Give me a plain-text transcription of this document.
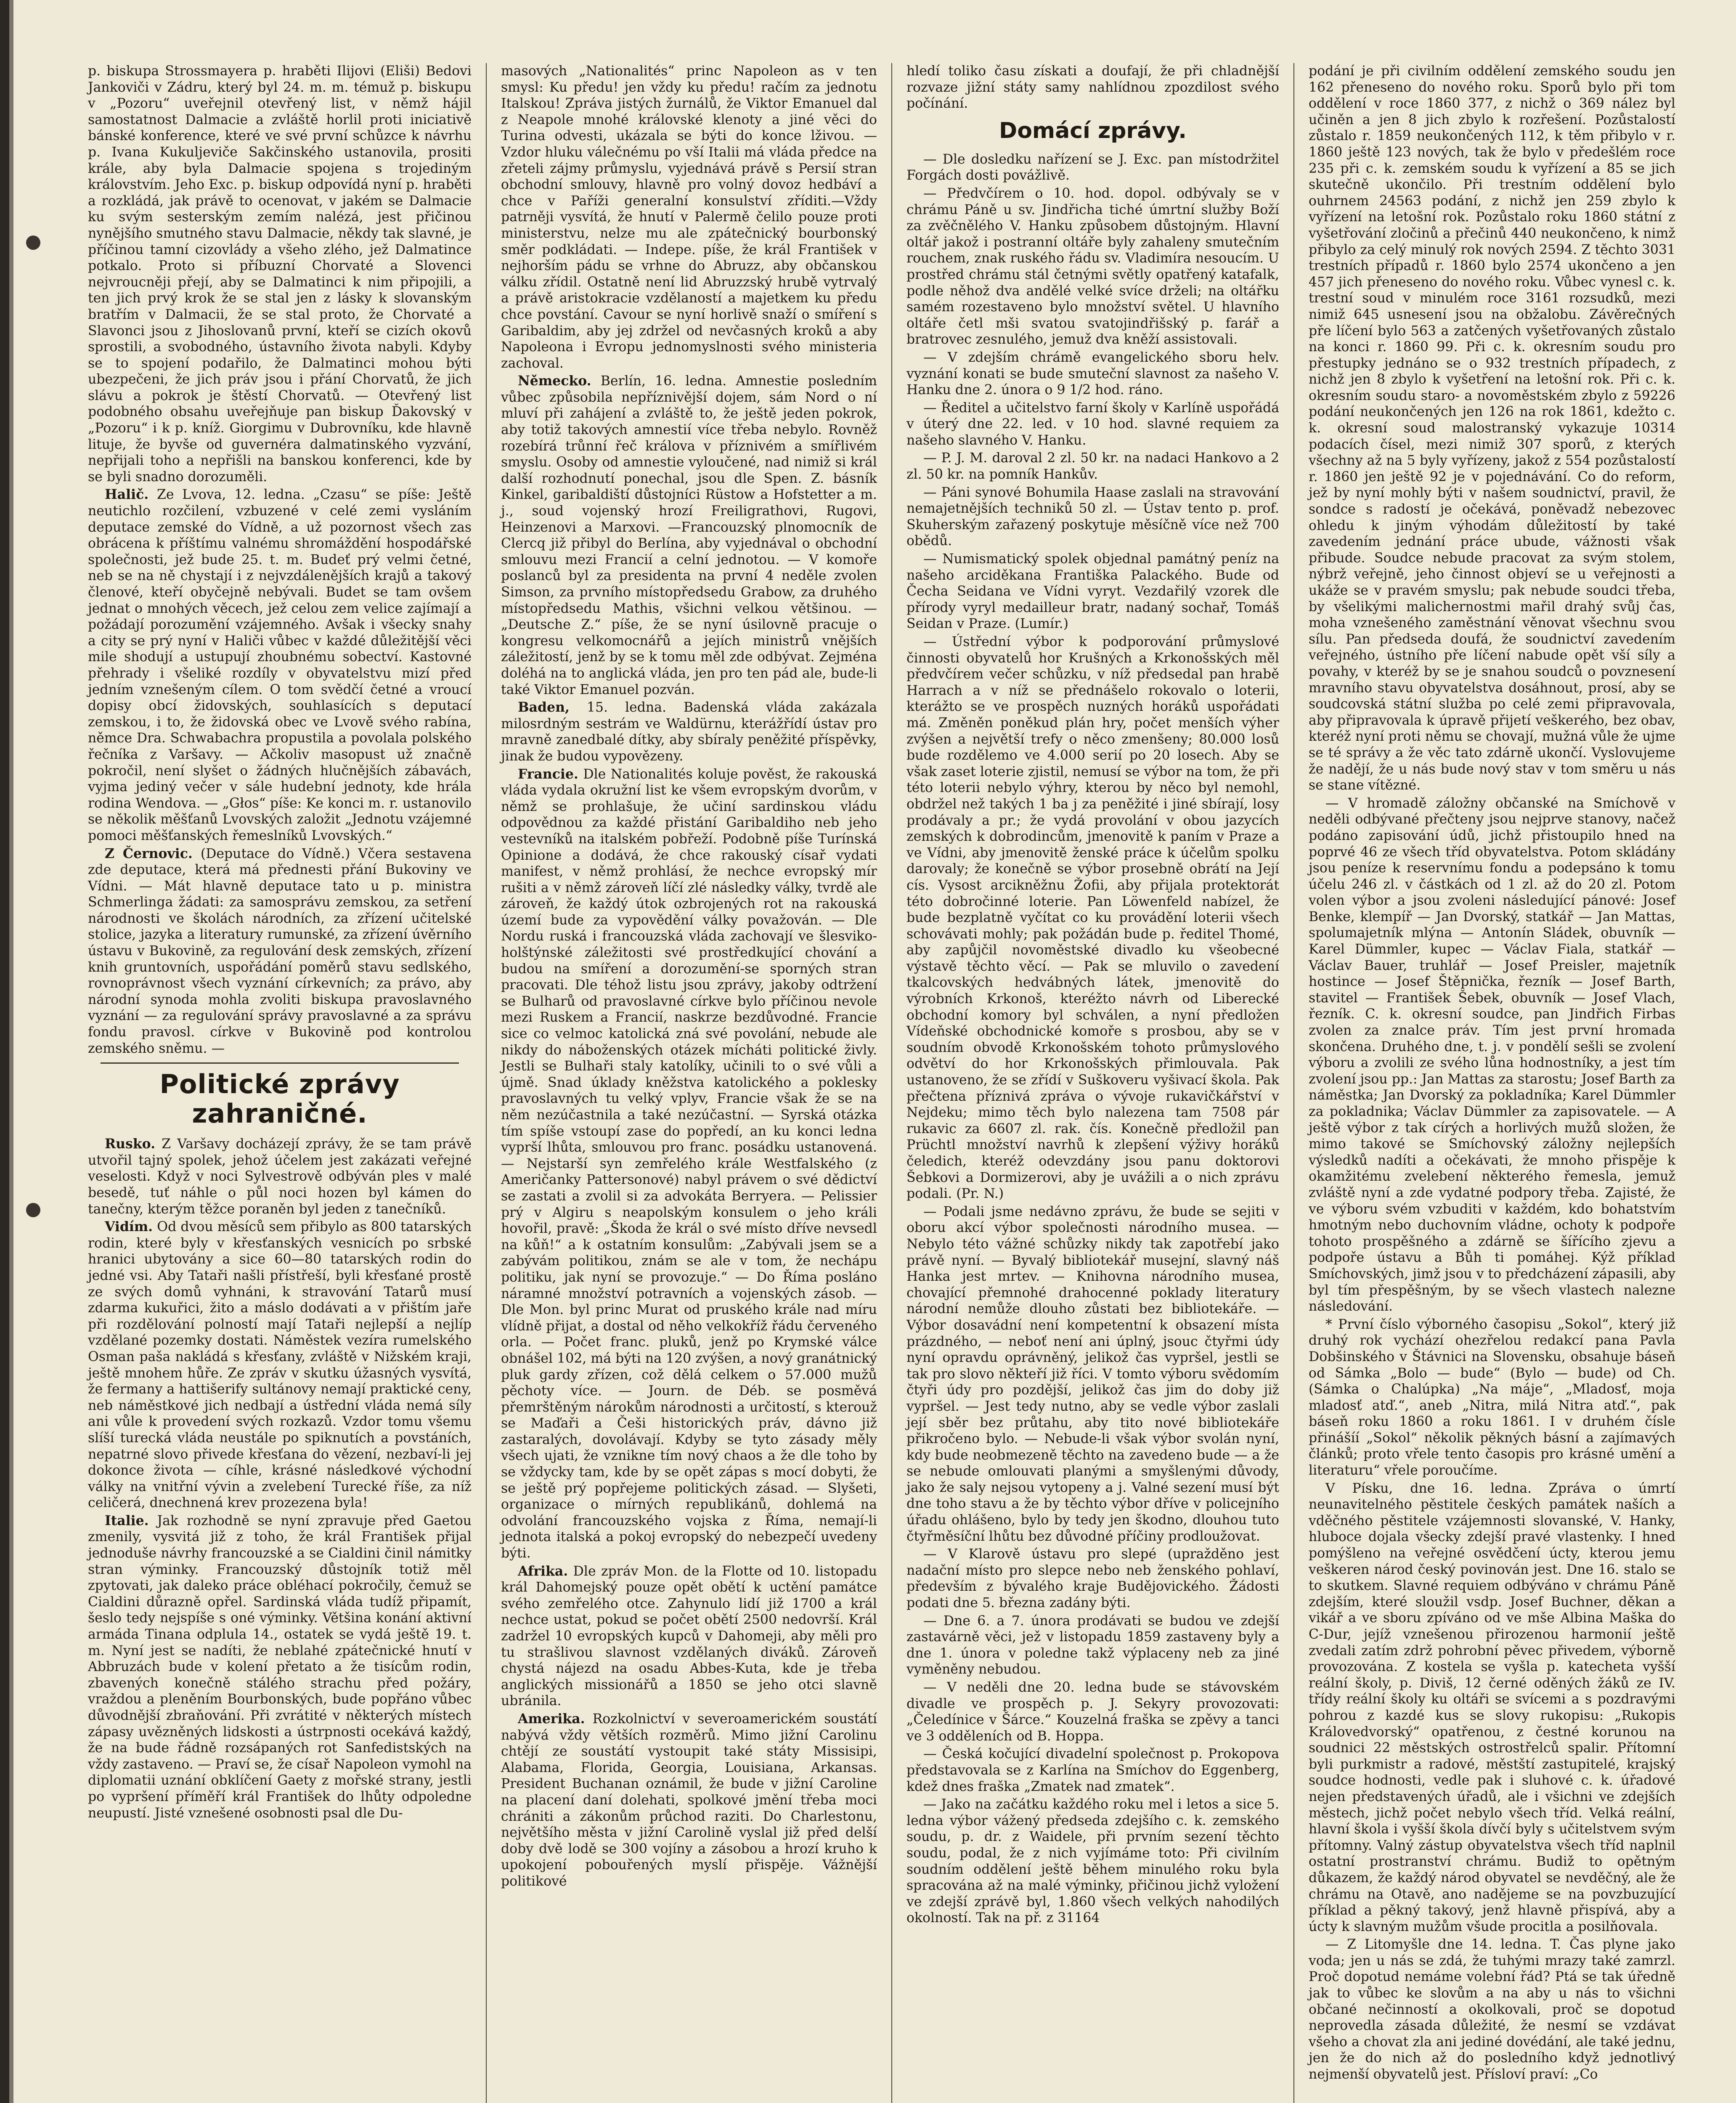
p. biskupa Strossmayera p. hraběti Ilijovi (Eliši) Bedovi Jankoviči v Zádru, který byl 24. m. m. témuž p. biskupu v „Pozoru“ uveřejnil otevřený list, v němž hájil samostatnost Dalmacie a zvláště horlil proti iniciativě bánské konference, které ve své první schůzce k návrhu p. Ivana Kukuljeviče Sakčinského ustanovila, prositi krále, aby byla Dalmacie spojena s trojediným královstvím. Jeho Exc. p. biskup odpovídá nyní p. hraběti a rozkládá, jak právě to ocenovat, v jakém se Dalmacie ku svým sesterským zemím nalézá, jest přičinou nynějšího smutného stavu Dalmacie, někdy tak slavné, je příčinou tamní cizovlády a všeho zlého, jež Dalmatince potkalo. Proto si příbuzní Chorvaté a Slovenci nejvroucněji přejí, aby se Dalmatinci k nim připojili, a ten jich prvý krok že se stal jen z lásky k slovanským bratřím v Dalmacii, že se stal proto, že Chorvaté a Slavonci jsou z Jihoslovanů první, kteří se cizích okovů sprostili, a svobodného, ústavního života nabyli. Kdyby se to spojení podařilo, že Dalmatinci mohou býti ubezpečeni, že jich práv jsou i přání Chorvatů, že jich slávu a pokrok je štěstí Chorvatů. — Otevřený list podobného obsahu uveřejňuje pan biskup Ďakovský v „Pozoru“ i k p. kníž. Giorgimu v Dubrovníku, kde hlavně lituje, že byvše od guvernéra dalmatinského vyzvání, nepřijali toho a nepřišli na banskou konferenci, kde by se byli snadno dorozuměli.

Halič. Ze Lvova, 12. ledna. „Czasu“ se píše: Ještě neutichlo rozčilení, vzbuzené v celé zemi vysláním deputace zemské do Vídně, a už pozornost všech zas obrácena k příštímu valnému shromáždění hospodářské společnosti, jež bude 25. t. m. Budeť prý velmi četné, neb se na ně chystají i z nejvzdálenějších krajů a takový členové, kteří obyčejně nebývali. Budet se tam ovšem jednat o mnohých věcech, jež celou zem velice zajímají a požádají porozumění vzájemného. Avšak i všecky snahy a city se prý nyní v Haliči vůbec v každé důležitější věci mile shodují a ustupují zhoubnému sobectví. Kastovné přehrady i všeliké rozdíly v obyvatelstvu mizí před jedním vznešeným cílem. O tom svědčí četné a vroucí dopisy obcí židovských, souhlasících s deputací zemskou, i to, že židovská obec ve Lvově svého rabína, němce Dra. Schwabachra propustila a povolala polského řečníka z Varšavy. — Ačkoliv masopust už značně pokročil, není slyšet o žádných hlučnějších zábavách, vyjma jediný večer v sále hudební jednoty, kde hrála rodina Wendova. — „Głos“ píše: Ke konci m. r. ustanovilo se několik měšťanů Lvovských založit „Jednotu vzájemné pomoci měšťanských řemeslníků Lvovských.“

Z Černovic. (Deputace do Vídně.) Včera sestavena zde deputace, která má přednesti přání Bukoviny ve Vídni. — Mát hlavně deputace tato u p. ministra Schmerlinga žádati: za samosprávu zemskou, za setření národnosti ve školách národních, za zřízení učitelské stolice, jazyka a literatury rumunské, za zřízení úvěrního ústavu v Bukovině, za regulování desk zemských, zřízení knih gruntovních, uspořádání poměrů stavu sedlského, rovnoprávnost všech vyznání církevních; za právo, aby národní synoda mohla zvoliti biskupa pravoslavného vyznání — za regulování správy pravoslavné a za správu fondu pravosl. církve v Bukovině pod kontrolou zemského sněmu. —

Politické zprávy zahraničné.

Rusko. Z Varšavy docházejí zprávy, že se tam právě utvořil tajný spolek, jehož účelem jest zakázati veřejné veselosti. Když v noci Sylvestrově odbýván ples v malé besedě, tuť náhle o půl noci hozen byl kámen do tanečny, kterým těžce poraněn byl jeden z tanečníků.

Vidím. Od dvou měsíců sem přibylo as 800 tatarských rodin, které byly v křesťanských vesnicích po srbské hranici ubytovány a sice 60—80 tatarských rodin do jedné vsi. Aby Tataři našli přístřeší, byli křesťané prostě ze svých domů vyhnáni, k stravování Tatarů musí zdarma kukuřici, žito a máslo dodávati a v přištím jaře při rozdělování polností mají Tataři nejlepší a nejlíp vzdělané pozemky dostati. Náměstek vezíra rumelského Osman paša nakládá s křesťany, zvláště v Nižském kraji, ještě mnohem hůře. Ze zpráv v skutku úžasných vysvítá, že fermany a hattišerify sultánovy nemají praktické ceny, neb náměstkové jich nedbají a ústřední vláda nemá síly ani vůle k provedení svých rozkazů. Vzdor tomu všemu slíší turecká vláda neustále po spiknutích a povstáních, nepatrné slovo přivede křesťana do vězení, nezbaví-li jej dokonce života — cíhle, krásné následkové východní války na vnitřní vývin a zvelebení Turecké říše, za níž celičerá, dnechnená krev prozezena byla!

Italie. Jak rozhodně se nyní zpravuje před Gaetou zmenily, vysvitá již z toho, že král František přijal jednoduše návrhy francouzské a se Cialdini činil námitky stran výminky. Francouzský důstojník totiž měl zpytovati, jak daleko práce obléhací pokročily, čemuž se Cialdini důrazně opřel. Sardinská vláda tudíž připamít, šeslo tedy nejspíše s oné výminky. Většina konání aktivní armáda Tinana odplula 14., ostatek se vydá ještě 19. t. m. Nyní jest se nadíti, že neblahé zpátečnické hnutí v Abbruzách bude v kolení přetato a že tisícům rodin, zbavených konečně stálého strachu před požáry, vraždou a pleněním Bourbonských, bude popřáno vůbec důvodnější zbraňování. Při zvrátité v některých místech zápasy uvězněných lidskosti a ústrpnosti ocekává každý, že na bude řádně rozsápaných rot Sanfedistských na vždy zastaveno. — Praví se, že císař Napoleon vymohl na diplomatii uznání obklíčení Gaety z mořské strany, jestli po vypršení příměří král František do lhůty odpoledne neupustí. Jisté vznešené osobnosti psal dle Du-

masových „Nationalités“ princ Napoleon as v ten smysl: Ku předu! jen vždy ku předu! račím za jednotu Italskou! Zpráva jistých žurnálů, že Viktor Emanuel dal z Neapole mnohé královské klenoty a jiné věci do Turina odvesti, ukázala se býti do konce lživou. — Vzdor hluku válečnému po vší Italii má vláda předce na zřeteli zájmy průmyslu, vyjednává právě s Persií stran obchodní smlouvy, hlavně pro volný dovoz hedbáví a chce v Paříži generalní konsulství zříditi.—Vždy patrněji vysvítá, že hnutí v Palermě čelilo pouze proti ministerstvu, nelze mu ale zpátečnický bourbonský směr podkládati. — Indepe. píše, že král František v nejhorším pádu se vrhne do Abruzz, aby občanskou válku zřídil. Ostatně není lid Abruzzský hrubě vytrvalý a právě aristokracie vzdělaností a majetkem ku předu chce povstání. Cavour se nyní horlivě snaží o smíření s Garibaldim, aby jej zdržel od nevčasných kroků a aby Napoleona i Evropu jednomyslnosti svého ministeria zachoval.

Německo. Berlín, 16. ledna. Amnestie posledním vůbec způsobila nepříznivější dojem, sám Nord o ní mluví při zahájení a zvláště to, že ještě jeden pokrok, aby totiž takových amnestií více třeba nebylo. Rovněž rozebírá trůnní řeč králova v příznivém a smířlivém smyslu. Osoby od amnestie vyloučené, nad nimiž si král další rozhodnutí ponechal, jsou dle Spen. Z. básník Kinkel, garibaldiští důstojníci Rüstow a Hofstetter a m. j., soud vojenský hrozí Freiligrathovi, Rugovi, Heinzenovi a Marxovi. —Francouzský plnomocník de Clercq již přibyl do Berlína, aby vyjednával o obchodní smlouvu mezi Francií a celní jednotou. — V komoře poslanců byl za presidenta na první 4 neděle zvolen Simson, za prvního místopředsedu Grabow, za druhého místopředsedu Mathis, všichni velkou většinou. — „Deutsche Z.“ píše, že se nyní úsilovně pracuje o kongresu velkomocnářů a jejích ministrů vnějších záležitostí, jenž by se k tomu měl zde odbývat. Zejména doléhá na to anglická vláda, jen pro ten pád ale, bude-li také Viktor Emanuel pozván.

Baden, 15. ledna. Badenská vláda zakázala milosrdným sestrám ve Waldürnu, kterážřídí ústav pro mravně zanedbalé dítky, aby sbíraly peněžité příspěvky, jinak že budou vypovězeny.

Francie. Dle Nationalités koluje pověst, že rakouská vláda vydala okružní list ke všem evropským dvorům, v němž se prohlašuje, že učiní sardinskou vládu odpovědnou za každé přistání Garibaldiho neb jeho vestevníků na italském pobřeží. Podobně píše Turínská Opinione a dodává, že chce rakouský císař vydati manifest, v němž prohlásí, že nechce evropský mír rušiti a v němž zároveň líčí zlé následky války, tvrdě ale zároveň, že každý útok ozbrojených rot na rakouská území bude za vypovědění války považován. — Dle Nordu ruská i francouzská vláda zachovají ve šlesviko-holštýnské záležitosti své prostředkující chování a budou na smíření a dorozumění-se sporných stran pracovati. Dle téhož listu jsou zprávy, jakoby odtržení se Bulharů od pravoslavné církve bylo příčinou nevole mezi Ruskem a Francií, naskrze bezdůvodné. Francie sice co velmoc katolická zná své povolání, nebude ale nikdy do náboženských otázek mícháti politické živly. Jestli se Bulhaři staly katolíky, učinili to o své vůli a újmě. Snad úklady kněžstva katolického a poklesky pravoslavných tu velký vplyv, Francie však že se na něm nezúčastnila a také nezúčastní. — Syrská otázka tím spíše vstoupí zase do popředí, an ku konci ledna vyprší lhůta, smlouvou pro franc. posádku ustanovená. — Nejstarší syn zemřelého krále Westfalského (z Američanky Pattersonové) nabyl právem o své dědictví se zastati a zvolil si za advokáta Berryera. — Pelissier prý v Algiru s neapolským konsulem o jeho králi hovořil, pravě: „Škoda že král o své místo dříve nevsedl na kůň!“ a k ostatním konsulům: „Zabývali jsem se a zabývám politikou, znám se ale v tom, že nechápu politiku, jak nyní se provozuje.“ — Do Říma posláno náramné množství potravních a vojenských zásob. — Dle Mon. byl princ Murat od pruského krále nad míru vlídně přijat, a dostal od něho velkokříž řádu červeného orla. — Počet franc. pluků, jenž po Krymské válce obnášel 102, má býti na 120 zvýšen, a nový granátnický pluk gardy zřízen, což dělá celkem o 57.000 mužů pěchoty více. — Journ. de Déb. se posměvá přemrštěným nárokům národnosti a určitostí, s kterouž se Maďaři a Češi historických práv, dávno již zastaralých, dovolávají. Kdyby se tyto zásady měly všech ujati, že vznikne tím nový chaos a že dle toho by se vždycky tam, kde by se opět zápas s mocí dobyti, že se ještě prý popřejeme politických zásad. — Slyšeti, organizace o mírných republikánů, dohlemá na odvolání francouzského vojska z Říma, nemají-li jednota italská a pokoj evropský do nebezpečí uvedeny býti.

Afrika. Dle zpráv Mon. de la Flotte od 10. listopadu král Dahomejský pouze opět obětí k uctění památce svého zemřelého otce. Zahynulo lidí již 1700 a král nechce ustat, pokud se počet obětí 2500 nedovrší. Král zadržel 10 evropských kupců v Dahomeji, aby měli pro tu strašlivou slavnost vzdělaných diváků. Zároveň chystá nájezd na osadu Abbes-Kuta, kde je třeba anglických missionářů a 1850 se jeho otci slavně ubránila.

Amerika. Rozkolnictví v severoamerickém soustátí nabývá vždy větších rozměrů. Mimo jižní Carolinu chtějí ze soustátí vystoupit také státy Missisipi, Alabama, Florida, Georgia, Louisiana, Arkansas. President Buchanan oznámil, že bude v jižní Caroline na placení daní dolehati, spolkové jmění třeba moci chrániti a zákonům průchod raziti. Do Charlestonu, největšího města v jižní Carolině vyslal již před delší doby dvě lodě se 300 vojíny a zásobou a hrozí kruho k upokojení pobouřených myslí přispěje. Vážnější politikové

hledí toliko času získati a doufají, že při chladnější rozvaze jižní státy samy nahlídnou zpozdilost svého počínání.

Domácí zprávy.

— Dle dosledku nařízení se J. Exc. pan místodržitel Forgách dosti povážlivě.

— Předvčírem o 10. hod. dopol. odbývaly se v chrámu Páně u sv. Jindřicha tiché úmrtní služby Boží za zvěčnělého V. Hanku způsobem důstojným. Hlavní oltář jakož i postranní oltáře byly zahaleny smutečním rouchem, znak ruského řádu sv. Vladimíra nesoucím. U prostřed chrámu stál četnými světly opatřený katafalk, podle něhož dva andělé velké svíce drželi; na oltářku samém rozestaveno bylo množství světel. U hlavního oltáře četl mši svatou svatojindřišský p. farář a bratrovec zesnulého, jemuž dva kněží assistovali.

— V zdejším chrámě evangelického sboru helv. vyznání konati se bude smuteční slavnost za našeho V. Hanku dne 2. února o 9 1/2 hod. ráno.

— Ředitel a učitelstvo farní školy v Karlíně uspořádá v úterý dne 22. led. v 10 hod. slavné requiem za našeho slavného V. Hanku.

— P. J. M. daroval 2 zl. 50 kr. na nadaci Hankovo a 2 zl. 50 kr. na pomník Hankův.

— Páni synové Bohumila Haase zaslali na stravování nemajetnějších techniků 50 zl. — Ústav tento p. prof. Skuherským zařazený poskytuje měsíčně více než 700 obědů.

— Numismatický spolek objednal památný peníz na našeho arciděkana Františka Palackého. Bude od Čecha Seidana ve Vídni vyryt. Vezdařilý vzorek dle přírody vyryl medailleur bratr, nadaný sochař, Tomáš Seidan v Praze. (Lumír.)

— Ústřední výbor k podporování průmyslové činnosti obyvatelů hor Krušných a Krkonošských měl předvčírem večer schůzku, v níž předsedal pan hrabě Harrach a v níž se přednášelo rokovalo o loterii, kterážto se ve prospěch nuzných horáků uspořádati má. Změněn poněkud plán hry, počet menších výher zvýšen a největší trefy o něco zmenšeny; 80.000 losů bude rozdělemo ve 4.000 serií po 20 losech. Aby se však zaset loterie zjistil, nemusí se výbor na tom, že při této loterii nebylo výhry, kterou by něco byl nemohl, obdržel než takých 1 ba j za peněžité i jiné sbírají, losy prodávaly a pr.; že vydá provolání v obou jazycích zemských k dobrodincům, jmenovitě k paním v Praze a ve Vídni, aby jmenovitě ženské práce k účelům spolku darovaly; že konečně se výbor prosebně obrátí na Její cís. Vysost arcikněžnu Žofii, aby přijala protektorát této dobročinné loterie. Pan Löwenfeld nabízel, že bude bezplatně vyčítat co ku provádění loterii všech schovávati mohly; pak požádán bude p. ředitel Thomé, aby zapůjčil novoměstské divadlo ku všeobecné výstavě těchto věcí. — Pak se mluvilo o zavedení tkalcovských hedvábných látek, jmenovitě do výrobních Krkonoš, kteréžto návrh od Liberecké obchodní komory byl schválen, a nyní předložen Vídeňské obchodnické komoře s prosbou, aby se v soudním obvodě Krkonošském tohoto průmyslového odvětví do hor Krkonošských přimlouvala. Pak ustanoveno, že se zřídí v Suškoveru vyšivací škola. Pak přečtena příznivá zpráva o vývoje rukavičkářství v Nejdeku; mimo těch bylo nalezena tam 7508 pár rukavic za 6607 zl. rak. čís. Konečně předložil pan Prüchtl množství navrhů k zlepšení výživy horáků čeledich, kteréž odevzdány jsou panu doktorovi Šebkovi a Dormizerovi, aby je uvážili a o nich zprávu podali. (Pr. N.)

— Podali jsme nedávno zprávu, že bude se sejiti v oboru akcí výbor společnosti národního musea. — Nebylo této vážné schůzky nikdy tak zapotřebí jako právě nyní. — Byvalý bibliotekář musejní, slavný náš Hanka jest mrtev. — Knihovna národního musea, chovající přemnohé drahocenné poklady literatury národní nemůže dlouho zůstati bez bibliotekáře. — Výbor dosavádní není kompetentní k obsazení místa prázdného, — neboť není ani úplný, jsouc čtyřmi údy nyní opravdu oprávněný, jelikož čas vypršel, jestli se tak pro slovo někteří již říci. V tomto výboru svědomím čtyři údy pro pozdější, jelikož čas jim do doby již vypršel. — Jest tedy nutno, aby se vedle výbor zaslali její sběr bez průtahu, aby tito nové bibliotekáře přikročeno bylo. — Nebude-li však výbor svolán nyní, kdy bude neobmezeně těchto na zavedeno bude — a že se nebude omlouvati planými a smyšlenými důvody, jako že saly nejsou vytopeny a j. Valné sezení musí být dne toho stavu a že by těchto výbor dříve v policejního úřadu ohlášeno, bylo by tedy jen škodno, dlouhou tuto čtyřměsíční lhůtu bez důvodné příčiny prodloužovat.

— V Klarově ústavu pro slepé (upražděno jest nadační místo pro slepce nebo neb ženského pohlaví, především z bývalého kraje Budějovického. Žádosti podati dne 5. března zadány býti.

— Dne 6. a 7. února prodávati se budou ve zdejší zastavárně věci, jež v listopadu 1859 zastaveny byly a dne 1. února v poledne takž výplaceny neb za jiné vyměněny nebudou.

— V neděli dne 20. ledna bude se stávovském divadle ve prospěch p. J. Sekyry provozovati: „Čeledínice v Šárce.“ Kouzelná fraška se zpěvy a tanci ve 3 odděleních od B. Hoppa.

— Česká kočující divadelní společnost p. Prokopova představovala se z Karlína na Smíchov do Eggenberg, kdež dnes fraška „Zmatek nad zmatek“.

— Jako na začátku každého roku mel i letos a sice 5. ledna výbor vážený předseda zdejšího c. k. zemského soudu, p. dr. z Waidele, při prvním sezení těchto soudu, podal, že z nich vyjímáme toto: Při civilním soudním oddělení ještě během minulého roku byla spracována až na malé výminky, přičinou jichž vyložení ve zdejší zprávě byl, 1.860 všech velkých nahodilých okolností. Tak na př. z 31164

podání je při civilním oddělení zemského soudu jen 162 přeneseno do nového roku. Sporů bylo při tom oddělení v roce 1860 377, z nichž o 369 nález byl učiněn a jen 8 jich zbylo k rozřešení. Pozůstalostí zůstalo r. 1859 neukončených 112, k těm přibylo v r. 1860 ještě 123 nových, tak že bylo v předešlém roce 235 při c. k. zemském soudu k vyřízení a 85 se jich skutečně ukončilo. Při trestním oddělení bylo ouhrnem 24563 podání, z nichž jen 259 zbylo k vyřízení na letošní rok. Pozůstalo roku 1860 státní z vyšetřování zločinů a přečinů 440 neukončeno, k nimž přibylo za celý minulý rok nových 2594. Z těchto 3031 trestních případů r. 1860 bylo 2574 ukončeno a jen 457 jich přeneseno do nového roku. Vůbec vynesl c. k. trestní soud v minulém roce 3161 rozsudků, mezi nimiž 645 usnesení jsou na obžalobu. Závěrečných pře líčení bylo 563 a zatčených vyšetřovaných zůstalo na konci r. 1860 99. Při c. k. okresním soudu pro přestupky jednáno se o 932 trestních případech, z nichž jen 8 zbylo k vyšetření na letošní rok. Při c. k. okresním soudu staro- a novoměstském zbylo z 59226 podání neukončených jen 126 na rok 1861, kdežto c. k. okresní soud malostranský vykazuje 10314 podacích čísel, mezi nimiž 307 sporů, z kterých všechny až na 5 byly vyřízeny, jakož z 554 pozůstalostí r. 1860 jen ještě 92 je v pojednávání. Co do reform, jež by nyní mohly býti v našem soudnictví, pravil, že sondce s radostí je očekává, poněvadž nebezovec ohledu k jiným výhodám důležitostí by také zavedením jednání práce ubude, vážnosti však přibude. Soudce nebude pracovat za svým stolem, nýbrž veřejně, jeho činnost objeví se u veřejnosti a ukáže se v pravém smyslu; pak nebude soudci třeba, by všelikými malichernostmi mařil drahý svůj čas, moha vznešeného zaměstnání věnovat všechnu svou sílu. Pan předseda doufá, že soudnictví zavedením veřejného, ústního pře líčení nabude opět vší síly a povahy, v kteréž by se je snahou soudců o povznesení mravního stavu obyvatelstva dosáhnout, prosí, aby se soudcovská státní služba po celé zemi připravovala, aby připravovala k úpravě přijetí veškerého, bez obav, kteréž nyní proti němu se chovají, mužná vůle že ujme se té správy a že věc tato zdárně ukončí. Vyslovujeme že nadějí, že u nás bude nový stav v tom směru u nás se stane vítězné.

— V hromadě záložny občanské na Smíchově v neděli odbývané přečteny jsou nejprve stanovy, načež podáno zapisování údů, jichž přistoupilo hned na poprvé 46 ze všech tříd obyvatelstva. Potom skládány jsou peníze k reservnímu fondu a podepsáno k tomu účelu 246 zl. v částkách od 1 zl. až do 20 zl. Potom volen výbor a jsou zvoleni následující pánové: Josef Benke, klempíř — Jan Dvorský, statkář — Jan Mattas, spolumajetník mlýna — Antonín Sládek, obuvník — Karel Dümmler, kupec — Václav Fiala, statkář — Václav Bauer, truhlář — Josef Preisler, majetník hostince — Josef Štěpnička, řezník — Josef Barth, stavitel — František Šebek, obuvník — Josef Vlach, řezník. C. k. okresní soudce, pan Jindřich Firbas zvolen za znalce práv. Tím jest první hromada skončena. Druhého dne, t. j. v pondělí sešli se zvolení výboru a zvolili ze svého lůna hodnostníky, a jest tím zvolení jsou pp.: Jan Mattas za starostu; Josef Barth za náměstka; Jan Dvorský za pokladníka; Karel Dümmler za pokladnika; Václav Dümmler za zapisovatele. — A ještě výbor z tak círých a horlivých mužů složen, že mimo takové se Smíchovský záložny nejlepších výsledků nadíti a očekávati, že mnoho přispěje k okamžitému zvelebení některého řemesla, jemuž zvláště nyní a zde vydatné podpory třeba. Zajisté, že ve výboru svém vzbuditi v každém, kdo bohatstvím hmotným nebo duchovním vládne, ochoty k podpoře tohoto prospěšného a zdárně se šířícího zjevu a podpoře ústavu a Bůh ti pomáhej. Kýž příklad Smíchovských, jimž jsou v to předcházení zápasili, aby byl tím přespěšným, by se všech vlastech nalezne následování.

* První číslo výborného časopisu „Sokol“, který již druhý rok vychází ohezřelou redakcí pana Pavla Dobšinského v Štávnici na Slovensku, obsahuje báseň od Sámka „Bolo — bude“ (Bylo — bude) od Ch. (Sámka o Chalúpka) „Na máje“, „Mladosť, moja mladosť atď.“, aneb „Nitra, milá Nitra atď.“, pak báseň roku 1860 a roku 1861. I v druhém čísle přinášíí „Sokol“ několik pěkných básní a zajímavých článků; proto vřele tento časopis pro krásné umění a literaturu“ vřele poroučíme.

V Písku, dne 16. ledna. Zpráva o úmrtí neunavitelného pěstitele českých památek naších a vděčného pěstitele vzájemnosti slovanské, V. Hanky, hluboce dojala všecky zdejší pravé vlastenky. I hned pomýšleno na veřejné osvědčení úcty, kterou jemu veškeren národ český povinován jest. Dne 16. stalo se to skutkem. Slavné requiem odbýváno v chrámu Páně zdejším, které sloužil vsdp. Josef Buchner, děkan a vikář a ve sboru zpíváno od ve mše Albina Maška do C-Dur, jejíž vznešenou přirozenou harmonií ještě zvedali zatím zdrž pohrobní pěvec přivedem, výborně provozována. Z kostela se vyšla p. katecheta vyšší reální školy, p. Diviš, 12 černé oděných žáků ze IV. třídy reální školy ku oltáři se svícemi a s pozdravými pohrou z kazdé kus se slovy rukopisu: „Rukopis Královedvorský“ opatřenou, z čestné korunou na soudnici 22 městských ostrostřelců spalir. Přítomní byli purkmistr a radové, městští zastupitelé, krajský soudce hodnosti, vedle pak i sluhové c. k. úřadové nejen představených úřadů, ale i všichni ve zdejších městech, jichž počet nebylo všech tříd. Velká reální, hlavní škola i vyšší škola dívčí byly s učitelstvem svým přítomny. Valný zástup obyvatelstva všech tříd naplnil ostatní prostranství chrámu. Budiž to opětným důkazem, že každý národ obyvatel se nevděčný, ale že chrámu na Otavě, ano nadějeme se na povzbuzující příklad a pěkný takový, jenž hlavně přispívá, aby a úcty k slavným mužům všude procitla a posilňovala.

— Z Litomyšle dne 14. ledna. T. Čas plyne jako voda; jen u nás se zdá, že tuhými mrazy také zamrzl. Proč dopotud nemáme volební řád? Ptá se tak úředně jak to vůbec ke slovům a na aby u nás to všichni občané nečinností a okolkovali, proč se dopotud neprovedla zásada důležité, že nesmí se vzdávat všeho a chovat zla ani jediné dovédání, ale také jednu, jen že do nich až do posledního když jednotlivý nejmenší obyvatelů jest. Přísloví praví: „Co
